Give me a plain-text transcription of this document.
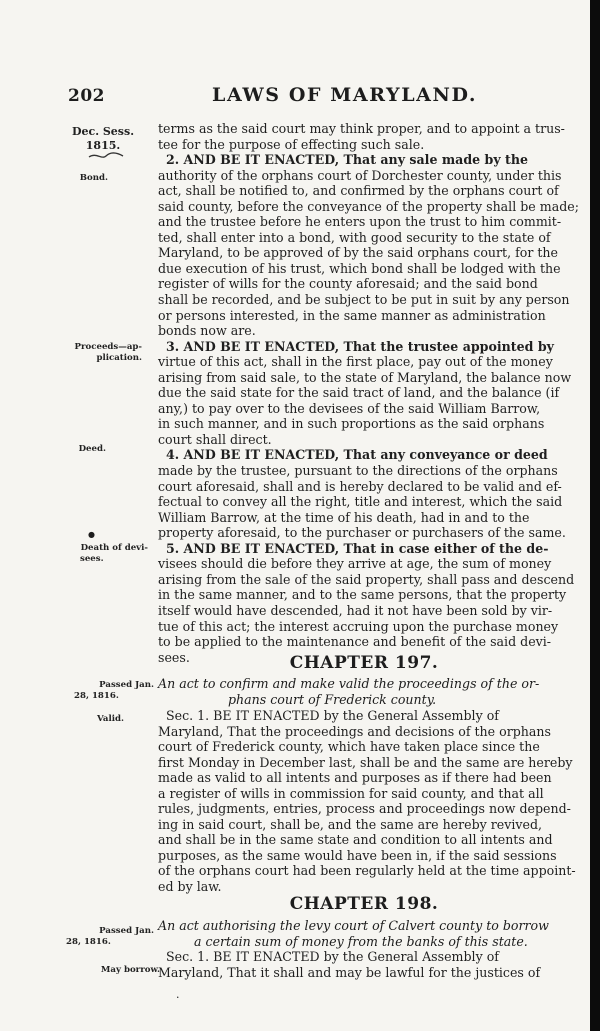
202	LAWS OF MARYLAND.
Dec. Sess.
1815.
Bond.
Proceeds—ap-
plication.
Deed.
●
Death of devi-
sees.
Passed Jan.
28, 1816.
Valid.
Passed Jan.
28, 1816.
May borrow.
terms as the said court may think proper, and to appoint a trus-
tee for the purpose of effecting such sale.
2. AND BE IT ENACTED, That any sale made by the
authority of the orphans court of Dorchester county, under this
act, shall be notified to, and confirmed by the orphans court of
said county, before the conveyance of the property shall be made;
and the trustee before he enters upon the trust to him commit-
ted, shall enter into a bond, with good security to the state of
Maryland, to be approved of by the said orphans court, for the
due execution of his trust, which bond shall be lodged with the
register of wills for the county aforesaid; and the said bond
shall be recorded, and be subject to be put in suit by any person
or persons interested, in the same manner as administration
bonds now are.
3. AND BE IT ENACTED, That the trustee appointed by
virtue of this act, shall in the first place, pay out of the money
arising from said sale, to the state of Maryland, the balance now
due the said state for the said tract of land, and the balance (if
any,) to pay over to the devisees of the said William Barrow,
in such manner, and in such proportions as the said orphans
court shall direct.
4. AND BE IT ENACTED, That any conveyance or deed
made by the trustee, pursuant to the directions of the orphans
court aforesaid, shall and is hereby declared to be valid and ef-
fectual to convey all the right, title and interest, which the said
William Barrow, at the time of his death, had in and to the
property aforesaid, to the purchaser or purchasers of the same.
5. AND BE IT ENACTED, That in case either of the de-
visees should die before they arrive at age, the sum of money
arising from the sale of the said property, shall pass and descend
in the same manner, and to the same persons, that the property
itself would have descended, had it not have been sold by vir-
tue of this act; the interest accruing upon the purchase money
to be applied to the maintenance and benefit of the said devi-
sees.	CHAPTER 197.
An act to confirm and make valid the proceedings of the or-
phans court of Frederick county.
Sec. 1. BE IT ENACTED by the General Assembly of
Maryland, That the proceedings and decisions of the orphans
court of Frederick county, which have taken place since the
first Monday in December last, shall be and the same are hereby
made as valid to all intents and purposes as if there had been
a register of wills in commission for said county, and that all
rules, judgments, entries, process and proceedings now depend-
ing in said court, shall be, and the same are hereby revived,
and shall be in the same state and condition to all intents and
purposes, as the same would have been in, if the said sessions
of the orphans court had been regularly held at the time appoint-
ed by law.
CHAPTER 198.
An act authorising the levy court of Calvert county to borrow
a certain sum of money from the banks of this state.
Sec. 1. BE IT ENACTED by the General Assembly of
Maryland, That it shall and may be lawful for the justices of
·
